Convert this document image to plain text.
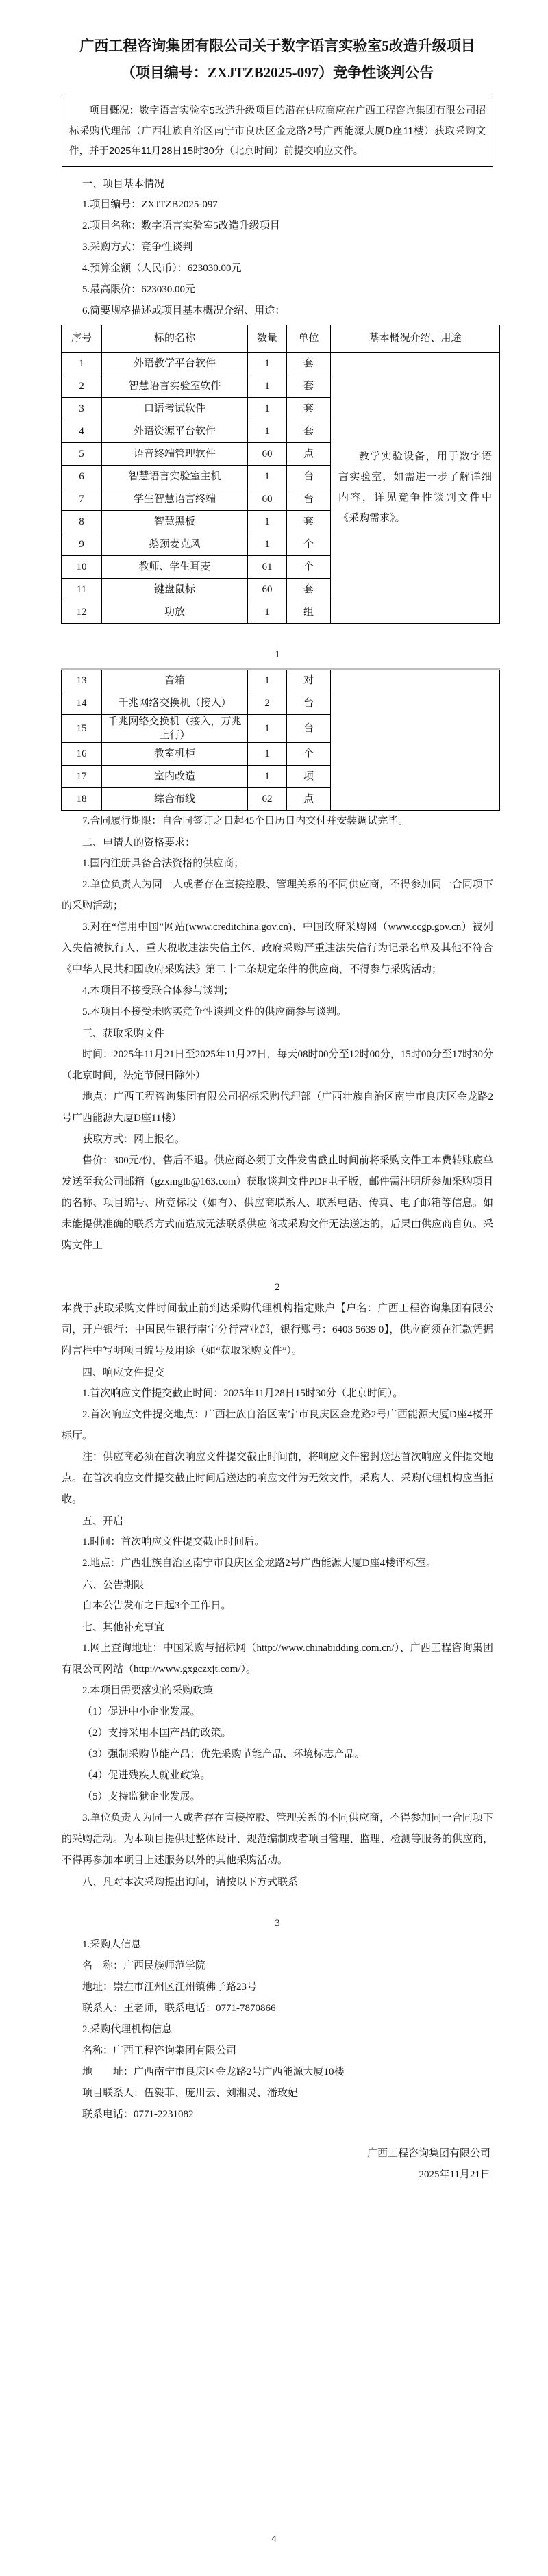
广西工程咨询集团有限公司关于数字语言实验室5改造升级项目
（项目编号：ZXJTZB2025-097）竞争性谈判公告
项目概况：数字语言实验室5改造升级项目的潜在供应商应在广西工程咨询集团有限公司招标采购代理部（广西壮族自治区南宁市良庆区金龙路2号广西能源大厦D座11楼）获取采购文件，并于2025年11月28日15时30分（北京时间）前提交响应文件。
一、项目基本情况
1.项目编号：ZXJTZB2025-097
2.项目名称：数字语言实验室5改造升级项目
3.采购方式：竞争性谈判
4.预算金额（人民币）：623030.00元
5.最高限价：623030.00元
6.简要规格描述或项目基本概况介绍、用途：
序号	标的名称	数量	单位	基本概况介绍、用途
1	外语教学平台软件	1	套	教学实验设备，用于数字语言实验室，如需进一步了解详细内容，详见竞争性谈判文件中《采购需求》。
2	智慧语言实验室软件	1	套	
3	口语考试软件	1	套	
4	外语资源平台软件	1	套	
5	语音终端管理软件	60	点	
6	智慧语言实验室主机	1	台	
7	学生智慧语言终端	60	台	
8	智慧黑板	1	套	
9	鹅颈麦克风	1	个	
10	教师、学生耳麦	61	个	
11	键盘鼠标	60	套	
12	功放	1	组	
1
13	音箱	1	对	
14	千兆网络交换机（接入）	2	台	
15	千兆网络交换机（接入，万兆上行）	1	台	
16	教室机柜	1	个	
17	室内改造	1	项	
18	综合布线	62	点	
7.合同履行期限：自合同签订之日起45个日历日内交付并安装调试完毕。
二、申请人的资格要求：
1.国内注册具备合法资格的供应商；
2.单位负责人为同一人或者存在直接控股、管理关系的不同供应商，不得参加同一合同项下的采购活动；
3.对在“信用中国”网站(www.creditchina.gov.cn)、中国政府采购网（www.ccgp.gov.cn）被列入失信被执行人、重大税收违法失信主体、政府采购严重违法失信行为记录名单及其他不符合《中华人民共和国政府采购法》第二十二条规定条件的供应商，不得参与采购活动；
4.本项目不接受联合体参与谈判；
5.本项目不接受未购买竞争性谈判文件的供应商参与谈判。
三、获取采购文件
时间：2025年11月21日至2025年11月27日，每天08时00分至12时00分，15时00分至17时30分（北京时间，法定节假日除外）
地点：广西工程咨询集团有限公司招标采购代理部（广西壮族自治区南宁市良庆区金龙路2号广西能源大厦D座11楼）
获取方式：网上报名。
售价：300元/份，售后不退。供应商必须于文件发售截止时间前将采购文件工本费转账底单发送至我公司邮箱（gzxmglb@163.com）获取谈判文件PDF电子版，邮件需注明所参加采购项目的名称、项目编号、所竞标段（如有）、供应商联系人、联系电话、传真、电子邮箱等信息。如未能提供准确的联系方式而造成无法联系供应商或采购文件无法送达的，后果由供应商自负。采购文件工
2
本费于获取采购文件时间截止前到达采购代理机构指定账户【户名：广西工程咨询集团有限公司，开户银行：中国民生银行南宁分行营业部，银行账号：6403 5639 0】，供应商须在汇款凭据附言栏中写明项目编号及用途（如“获取采购文件”）。
四、响应文件提交
1.首次响应文件提交截止时间：2025年11月28日15时30分（北京时间）。
2.首次响应文件提交地点：广西壮族自治区南宁市良庆区金龙路2号广西能源大厦D座4楼开标厅。
注：供应商必须在首次响应文件提交截止时间前，将响应文件密封送达首次响应文件提交地点。在首次响应文件提交截止时间后送达的响应文件为无效文件，采购人、采购代理机构应当拒收。
五、开启
1.时间：首次响应文件提交截止时间后。
2.地点：广西壮族自治区南宁市良庆区金龙路2号广西能源大厦D座4楼评标室。
六、公告期限
自本公告发布之日起3个工作日。
七、其他补充事宜
1.网上查询地址：中国采购与招标网（http://www.chinabidding.com.cn/）、广西工程咨询集团有限公司网站（http://www.gxgczxjt.com/）。
2.本项目需要落实的采购政策
（1）促进中小企业发展。
（2）支持采用本国产品的政策。
（3）强制采购节能产品；优先采购节能产品、环境标志产品。
（4）促进残疾人就业政策。
（5）支持监狱企业发展。
3.单位负责人为同一人或者存在直接控股、管理关系的不同供应商，不得参加同一合同项下的采购活动。为本项目提供过整体设计、规范编制或者项目管理、监理、检测等服务的供应商，不得再参加本项目上述服务以外的其他采购活动。
八、凡对本次采购提出询问，请按以下方式联系
3
1.采购人信息
名　称：广西民族师范学院
地址：崇左市江州区江州镇佛子路23号
联系人：王老师，联系电话：0771-7870866
2.采购代理机构信息
名称：广西工程咨询集团有限公司
地　　址：广西南宁市良庆区金龙路2号广西能源大厦10楼
项目联系人：伍毅菲、庞川云、刘湘灵、潘玫妃
联系电话：0771-2231082
广西工程咨询集团有限公司
2025年11月21日
4
